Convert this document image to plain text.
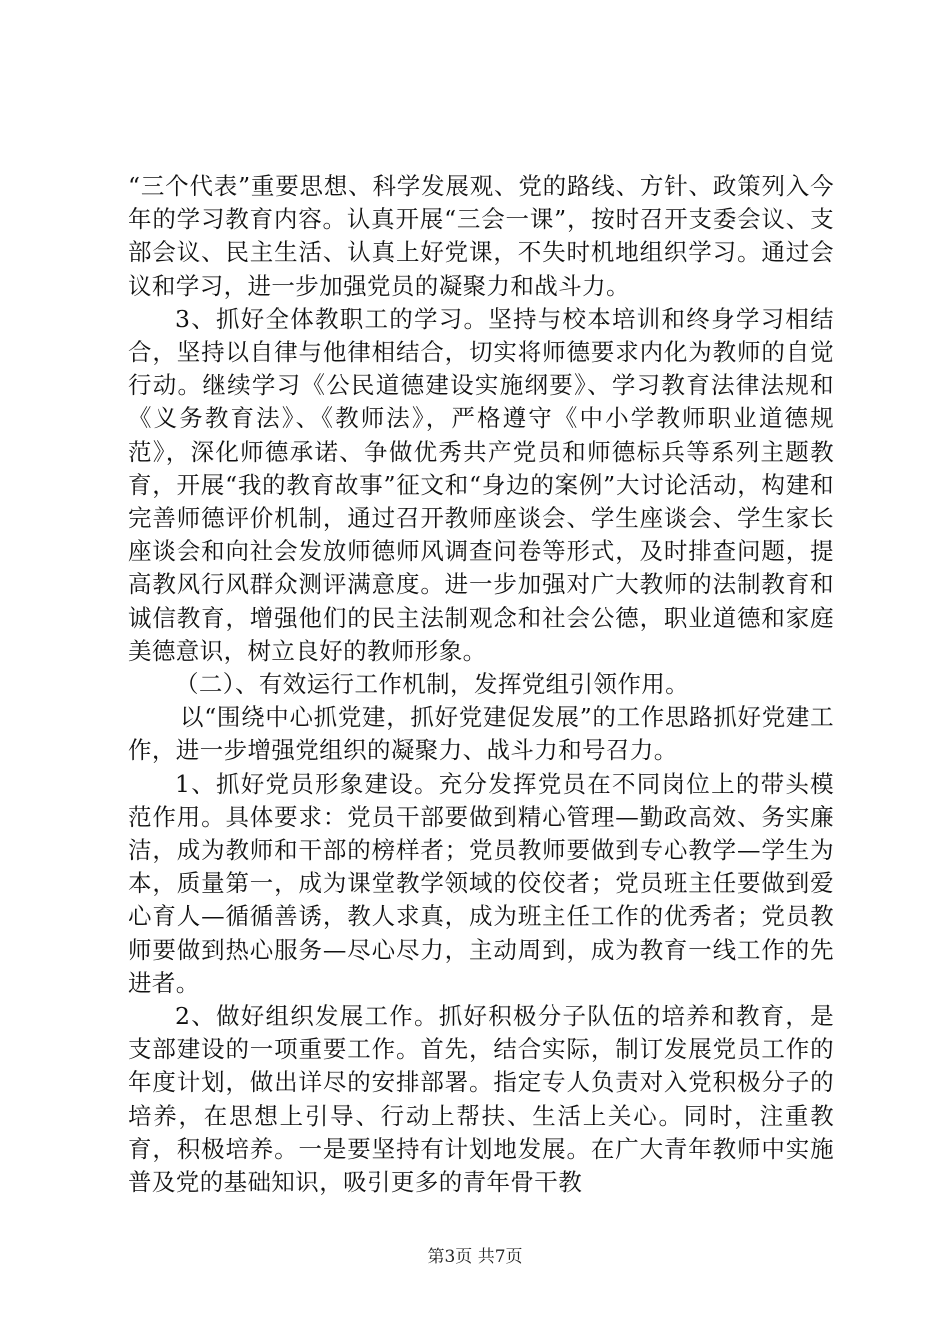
“三个代表”重要思想、科学发展观、党的路线、方针、政策列入今年的学习教育内容。认真开展“三会一课”，按时召开支委会议、支部会议、民主生活、认真上好党课，不失时机地组织学习。通过会议和学习，进一步加强党员的凝聚力和战斗力。

3、抓好全体教职工的学习。坚持与校本培训和终身学习相结合，坚持以自律与他律相结合，切实将师德要求内化为教师的自觉行动。继续学习《公民道德建设实施纲要》、学习教育法律法规和《义务教育法》、《教师法》，严格遵守《中小学教师职业道德规范》，深化师德承诺、争做优秀共产党员和师德标兵等系列主题教育，开展“我的教育故事”征文和“身边的案例”大讨论活动，构建和完善师德评价机制，通过召开教师座谈会、学生座谈会、学生家长座谈会和向社会发放师德师风调查问卷等形式，及时排查问题，提高教风行风群众测评满意度。进一步加强对广大教师的法制教育和诚信教育，增强他们的民主法制观念和社会公德，职业道德和家庭美德意识，树立良好的教师形象。

（二）、有效运行工作机制，发挥党组引领作用。

以“围绕中心抓党建，抓好党建促发展”的工作思路抓好党建工作，进一步增强党组织的凝聚力、战斗力和号召力。

1、抓好党员形象建设。充分发挥党员在不同岗位上的带头模范作用。具体要求：党员干部要做到精心管理—勤政高效、务实廉洁，成为教师和干部的榜样者；党员教师要做到专心教学—学生为本，质量第一，成为课堂教学领域的佼佼者；党员班主任要做到爱心育人—循循善诱，教人求真，成为班主任工作的优秀者；党员教师要做到热心服务—尽心尽力，主动周到，成为教育一线工作的先进者。

2、做好组织发展工作。抓好积极分子队伍的培养和教育，是支部建设的一项重要工作。首先，结合实际，制订发展党员工作的年度计划，做出详尽的安排部署。指定专人负责对入党积极分子的培养，在思想上引导、行动上帮扶、生活上关心。同时，注重教育，积极培养。一是要坚持有计划地发展。在广大青年教师中实施普及党的基础知识，吸引更多的青年骨干教

第3页 共7页
